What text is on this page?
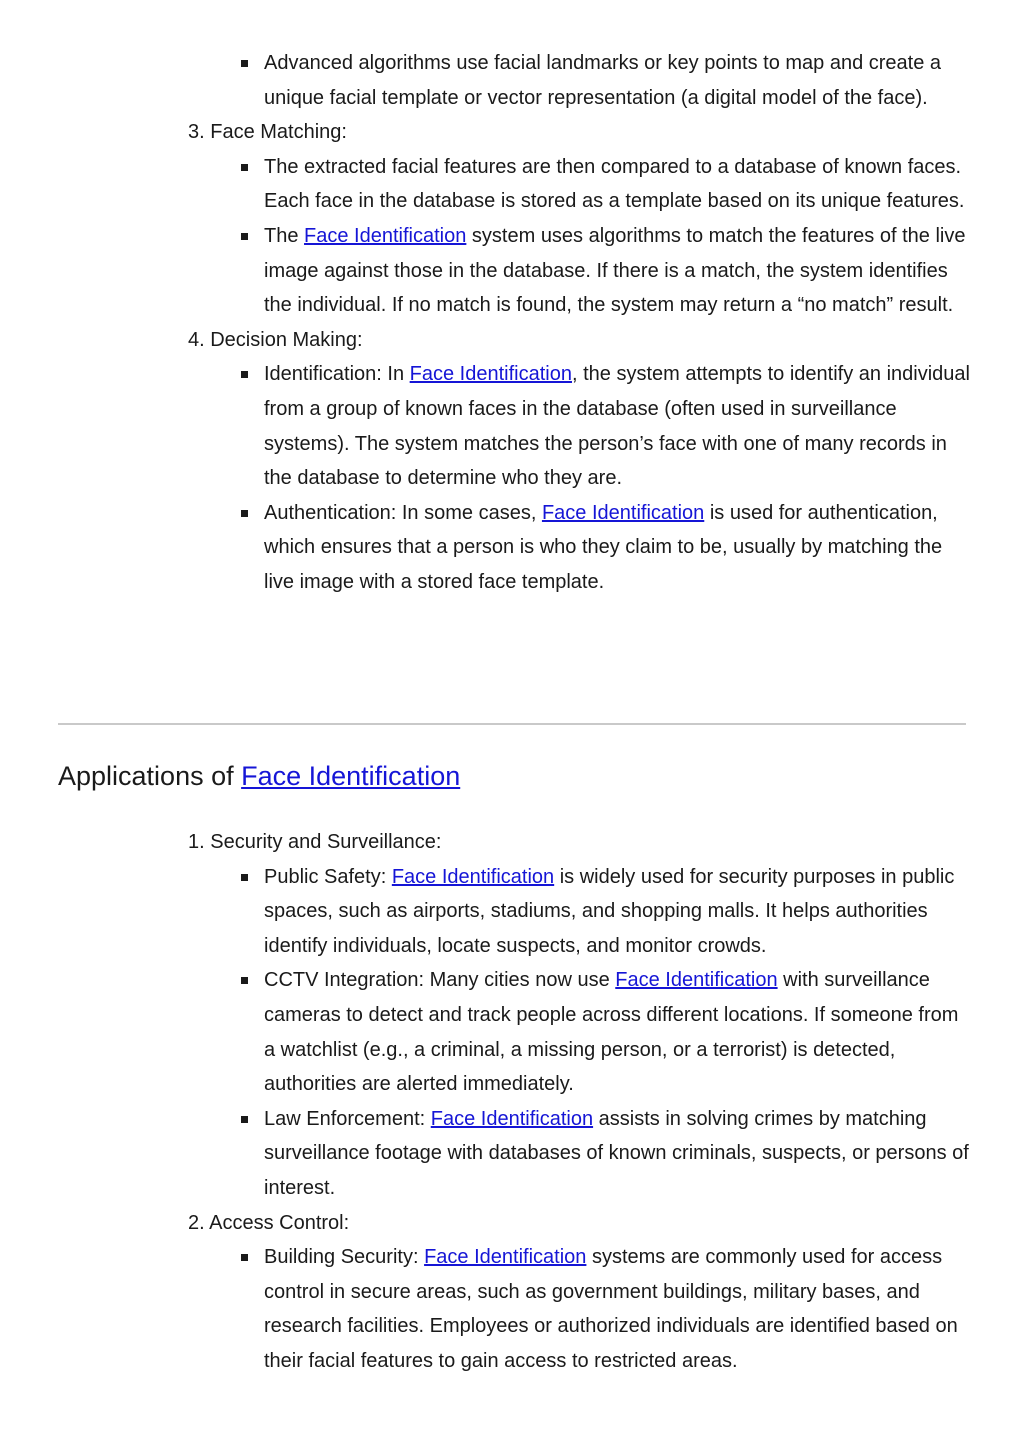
Advanced algorithms use facial landmarks or key points to map and create a unique facial template or vector representation (a digital model of the face).
3. Face Matching:
The extracted facial features are then compared to a database of known faces. Each face in the database is stored as a template based on its unique features.
The Face Identification system uses algorithms to match the features of the live image against those in the database. If there is a match, the system identifies the individual. If no match is found, the system may return a “no match” result.
4. Decision Making:
Identification: In Face Identification, the system attempts to identify an individual from a group of known faces in the database (often used in surveillance systems). The system matches the person’s face with one of many records in the database to determine who they are.
Authentication: In some cases, Face Identification is used for authentication, which ensures that a person is who they claim to be, usually by matching the live image with a stored face template.
Applications of Face Identification
1. Security and Surveillance:
Public Safety: Face Identification is widely used for security purposes in public spaces, such as airports, stadiums, and shopping malls. It helps authorities identify individuals, locate suspects, and monitor crowds.
CCTV Integration: Many cities now use Face Identification with surveillance cameras to detect and track people across different locations. If someone from a watchlist (e.g., a criminal, a missing person, or a terrorist) is detected, authorities are alerted immediately.
Law Enforcement: Face Identification assists in solving crimes by matching surveillance footage with databases of known criminals, suspects, or persons of interest.
2. Access Control:
Building Security: Face Identification systems are commonly used for access control in secure areas, such as government buildings, military bases, and research facilities. Employees or authorized individuals are identified based on their facial features to gain access to restricted areas.
